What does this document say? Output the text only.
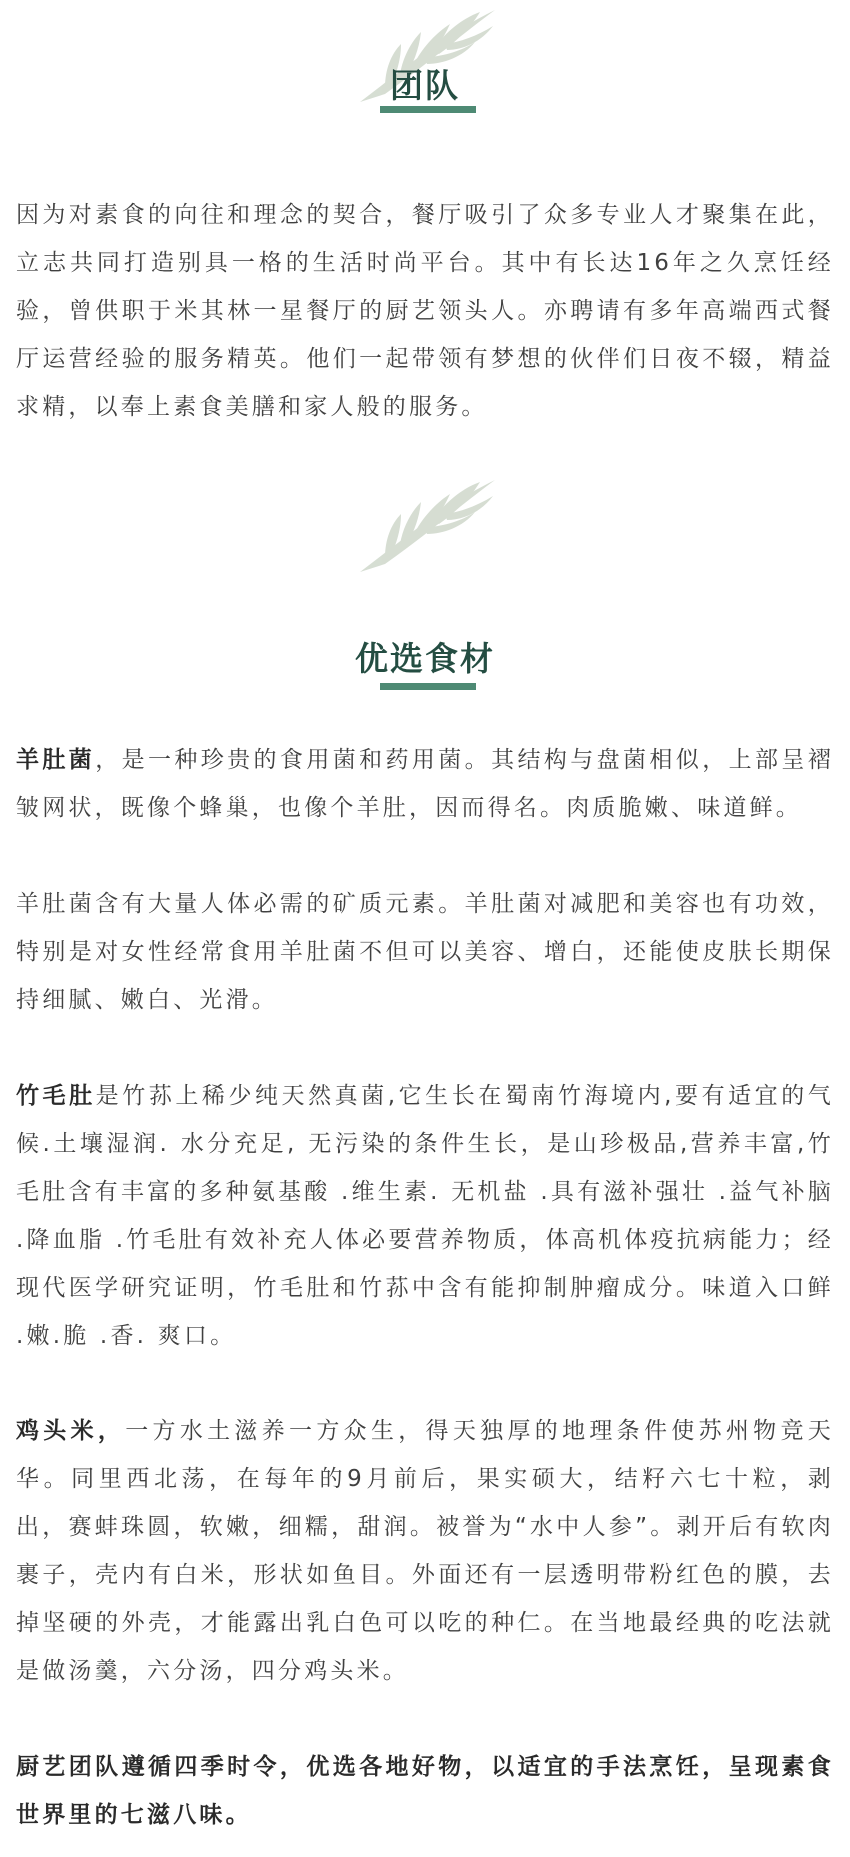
团队

因为对素食的向往和理念的契合，餐厅吸引了众多专业人才聚集在此，立志共同打造别具一格的生活时尚平台。其中有长达16年之久烹饪经验，曾供职于米其林一星餐厅的厨艺领头人。亦聘请有多年高端西式餐厅运营经验的服务精英。他们一起带领有梦想的伙伴们日夜不辍，精益求精，以奉上素食美膳和家人般的服务。

优选食材

羊肚菌，是一种珍贵的食用菌和药用菌。其结构与盘菌相似，上部呈褶皱网状，既像个蜂巢，也像个羊肚，因而得名。肉质脆嫩、味道鲜。

羊肚菌含有大量人体必需的矿质元素。羊肚菌对减肥和美容也有功效，特别是对女性经常食用羊肚菌不但可以美容、增白，还能使皮肤长期保持细腻、嫩白、光滑。

竹毛肚是竹荪上稀少纯天然真菌,它生长在蜀南竹海境内,要有适宜的气候.土壤湿润. 水分充足, 无污染的条件生长，是山珍极品,营养丰富,竹毛肚含有丰富的多种氨基酸 .维生素. 无机盐 .具有滋补强壮 .益气补脑 .降血脂 .竹毛肚有效补充人体必要营养物质，体高机体疫抗病能力；经现代医学研究证明，竹毛肚和竹荪中含有能抑制肿瘤成分。味道入口鲜 .嫩.脆 .香. 爽口。

鸡头米，一方水土滋养一方众生，得天独厚的地理条件使苏州物竞天华。同里西北荡，在每年的9月前后，果实硕大，结籽六七十粒，剥出，赛蚌珠圆，软嫩，细糯，甜润。被誉为“水中人参”。剥开后有软肉裹子，壳内有白米，形状如鱼目。外面还有一层透明带粉红色的膜，去掉坚硬的外壳，才能露出乳白色可以吃的种仁。在当地最经典的吃法就是做汤羹，六分汤，四分鸡头米。

厨艺团队遵循四季时令，优选各地好物，以适宜的手法烹饪，呈现素食世界里的七滋八味。
